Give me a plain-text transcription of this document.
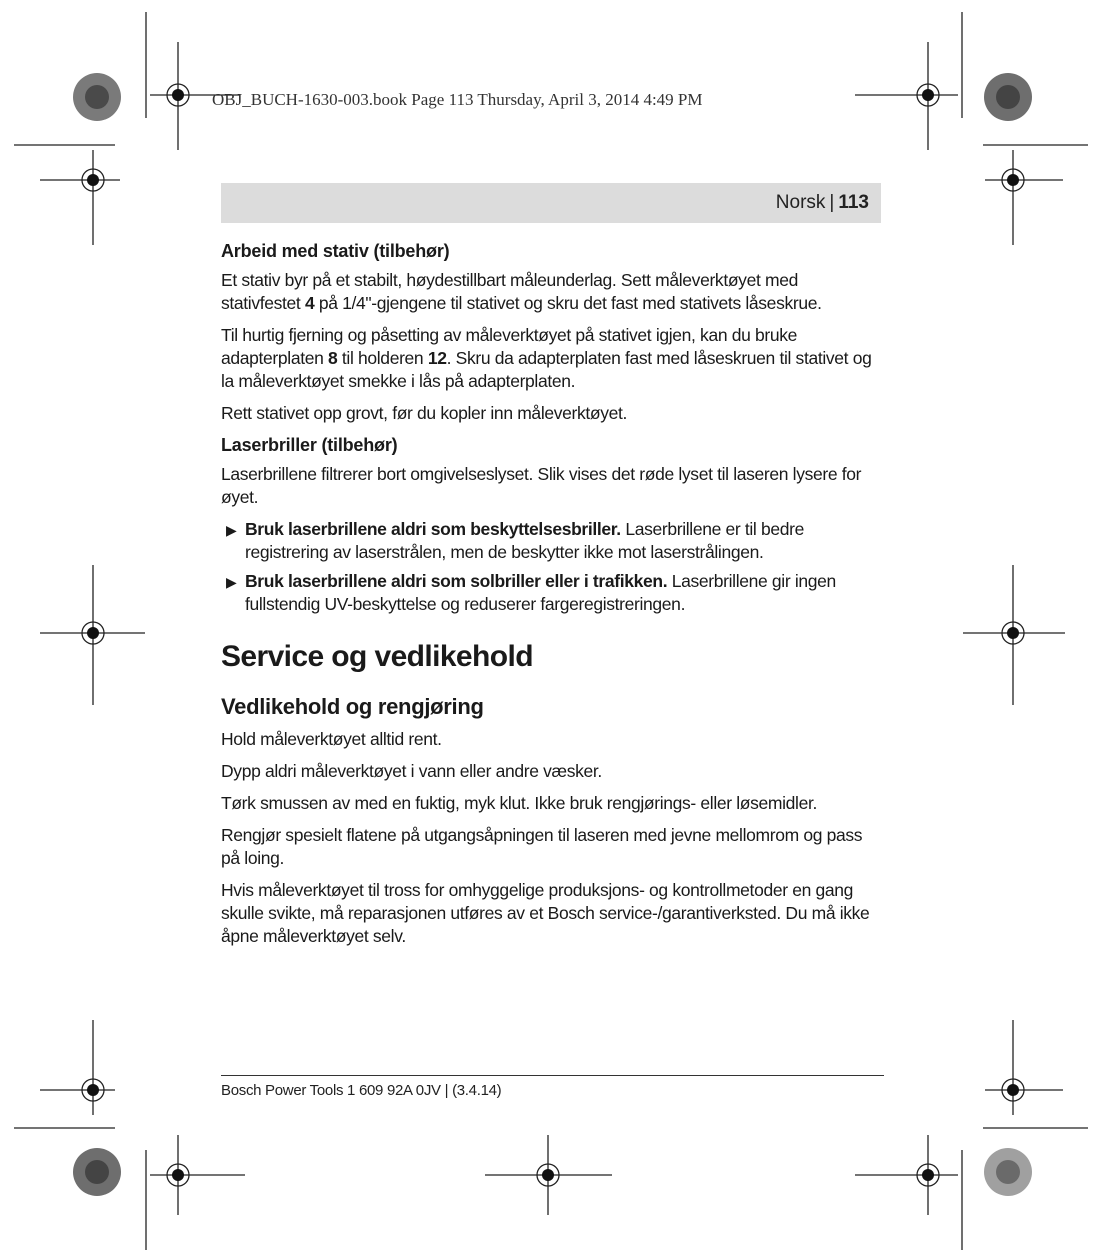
OBJ_BUCH-1630-003.book Page 113 Thursday, April 3, 2014 4:49 PM
Norsk | 113
Arbeid med stativ (tilbehør)

Et stativ byr på et stabilt, høydestillbart måleunderlag. Sett måleverktøyet med stativfestet 4 på 1/4"-gjengene til stativet og skru det fast med stativets låseskrue.

Til hurtig fjerning og påsetting av måleverktøyet på stativet igjen, kan du bruke adapterplaten 8 til holderen 12. Skru da adapterplaten fast med låseskruen til stativet og la måleverktøyet smekke i lås på adapterplaten.

Rett stativet opp grovt, før du kopler inn måleverktøyet.

Laserbriller (tilbehør)

Laserbrillene filtrerer bort omgivelseslyset. Slik vises det røde lyset til laseren lysere for øyet.

▶ Bruk laserbrillene aldri som beskyttelsesbriller. Laserbrillene er til bedre registrering av laserstrålen, men de beskytter ikke mot laserstrålingen.
▶ Bruk laserbrillene aldri som solbriller eller i trafikken. Laserbrillene gir ingen fullstendig UV-beskyttelse og reduserer fargeregistreringen.
Service og vedlikehold
Vedlikehold og rengjøring

Hold måleverktøyet alltid rent.

Dypp aldri måleverktøyet i vann eller andre væsker.

Tørk smussen av med en fuktig, myk klut. Ikke bruk rengjørings- eller løsemidler.

Rengjør spesielt flatene på utgangsåpningen til laseren med jevne mellomrom og pass på loing.

Hvis måleverktøyet til tross for omhyggelige produksjons- og kontrollmetoder en gang skulle svikte, må reparasjonen utføres av et Bosch service-/garantiverksted. Du må ikke åpne måleverktøyet selv.

Bosch Power Tools 1 609 92A 0JV | (3.4.14)
